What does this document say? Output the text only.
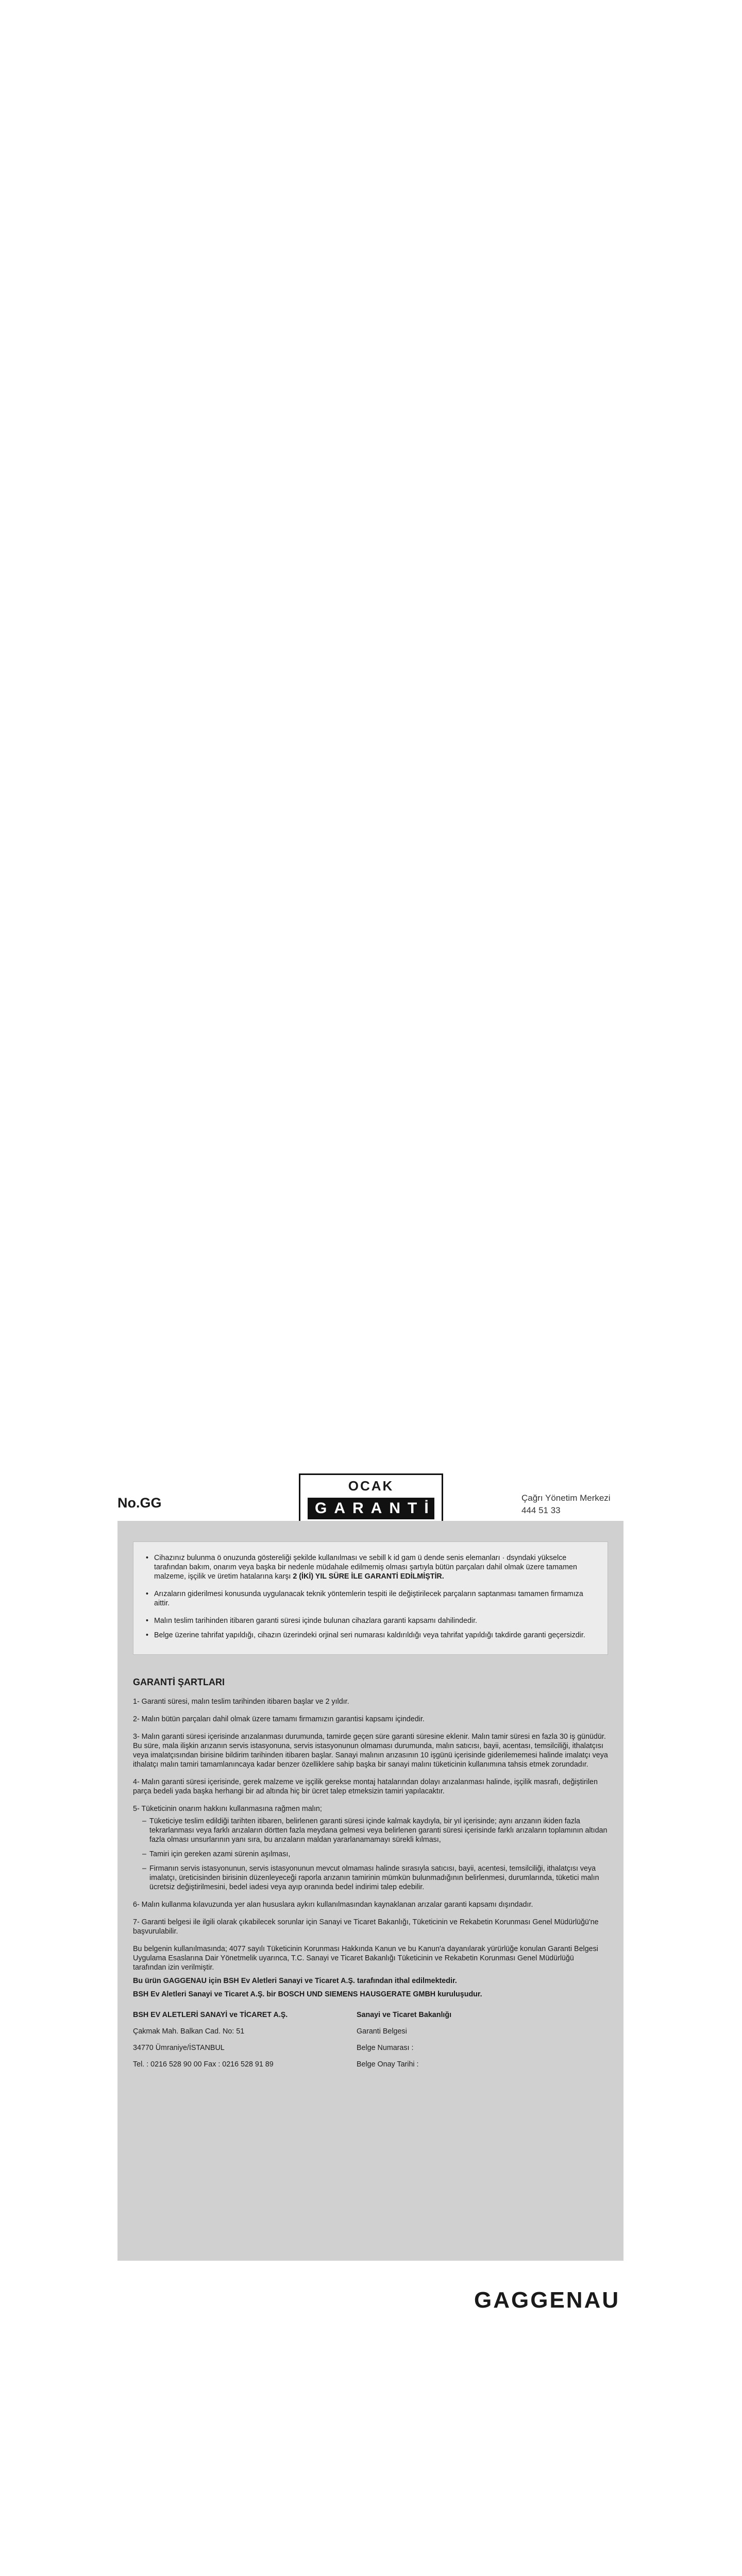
No.GG
OCAK
GARANTİ
Çağrı Yönetim Merkezi
444 51 33
• Cihazınız bulunma ö onuzunda göstereliği şekilde kullanılması ve sebill k id gam ü dende senis elemanları · dsyndaki yükselce tarafından bakım, onarım veya başka bir nedenle müdahale edilmemiş olması şartıyla bütün parçaları dahil olmak üzere tamamen malzeme, işçilik ve üretim hatalarına karşı 2 (İKİ) YIL SÜRE İLE GARANTİ EDİLMİŞTİR.
• Arızaların giderilmesi konusunda uygulanacak teknik yöntemlerin tespiti ile değiştirilecek parçaların saptanması tamamen firmamıza aittir.
• Malın teslim tarihinden itibaren garanti süresi içinde bulunan cihazlara garanti kapsamı dahilindedir.
• Belge üzerine tahrifat yapıldığı, cihazın üzerindeki orjinal seri numarası kaldırıldığı veya tahrifat yapıldığı takdirde garanti geçersizdir.
GARANTİ ŞARTLARI
1- Garanti süresi, malın teslim tarihinden itibaren başlar ve 2 yıldır.
2- Malın bütün parçaları dahil olmak üzere tamamı firmamızın garantisi kapsamı içindedir.
3- Malın garanti süresi içerisinde arızalanması durumunda, tamirde geçen süre garanti süresine eklenir. Malın tamir süresi en fazla 30 iş günüdür. Bu süre, mala ilişkin arızanın servis istasyonuna, servis istasyonunun olmaması durumunda, malın satıcısı, bayii, acentası, temsilciliği, ithalatçısı veya imalatçısından birisine bildirim tarihinden itibaren başlar. Sanayi malının arızasının 10 işgünü içerisinde giderilememesi halinde imalatçı veya ithalatçı malın tamiri tamamlanıncaya kadar benzer özelliklere sahip başka bir sanayi malını tüketicinin kullanımına tahsis etmek zorundadır.
4- Malın garanti süresi içerisinde, gerek malzeme ve işçilik gerekse montaj hatalarından dolayı arızalanması halinde, işçilik masrafı, değiştirilen parça bedeli yada başka herhangi bir ad altında hiç bir ücret talep etmeksizin tamiri yapılacaktır.
5- Tüketicinin onarım hakkını kullanmasına rağmen malın;
– Tüketiciye teslim edildiği tarihten itibaren, belirlenen garanti süresi içinde kalmak kaydıyla, bir yıl içerisinde; aynı arızanın ikiden fazla tekrarlanması veya farklı arızaların dörtten fazla meydana gelmesi veya belirlenen garanti süresi içerisinde farklı arızaların toplamının altıdan fazla olması unsurlarının yanı sıra, bu arızaların maldan yararlanamamayı sürekli kılması,
– Tamiri için gereken azami sürenin aşılması,
– Firmanın servis istasyonunun, servis istasyonunun mevcut olmaması halinde sırasıyla satıcısı, bayii, acentesi, temsilciliği, ithalatçısı veya imalatçı, üreticisinden birisinin düzenleyeceği raporla arızanın tamirinin mümkün bulunmadığının belirlenmesi, durumlarında, tüketici malın ücretsiz değiştirilmesini, bedel iadesi veya ayıp oranında bedel indirimi talep edebilir.
6- Malın kullanma kılavuzunda yer alan hususlara aykırı kullanılmasından kaynaklanan arızalar garanti kapsamı dışındadır.
7- Garanti belgesi ile ilgili olarak çıkabilecek sorunlar için Sanayi ve Ticaret Bakanlığı, Tüketicinin ve Rekabetin Korunması Genel Müdürlüğü'ne başvurulabilir.

Bu belgenin kullanılmasında; 4077 sayılı Tüketicinin Korunması Hakkında Kanun ve bu Kanun'a dayanılarak yürürlüğe konulan Garanti Belgesi Uygulama Esaslarına Dair Yönetmelik uyarınca, T.C. Sanayi ve Ticaret Bakanlığı Tüketicinin ve Rekabetin Korunması Genel Müdürlüğü tarafından izin verilmiştir.

Bu ürün GAGGENAU için BSH Ev Aletleri Sanayi ve Ticaret A.Ş. tarafından ithal edilmektedir.

BSH Ev Aletleri Sanayi ve Ticaret A.Ş. bir BOSCH UND SIEMENS HAUSGERATE GMBH kuruluşudur.

BSH EV ALETLERİ SANAYİ ve TİCARET A.Ş.
Çakmak Mah. Balkan Cad. No: 51
34770 Ümraniye/İSTANBUL
Tel. : 0216 528 90 00 Fax : 0216 528 91 89
Sanayi ve Ticaret Bakanlığı
Garanti Belgesi
Belge Numarası :
Belge Onay Tarihi :
GAGGENAU
